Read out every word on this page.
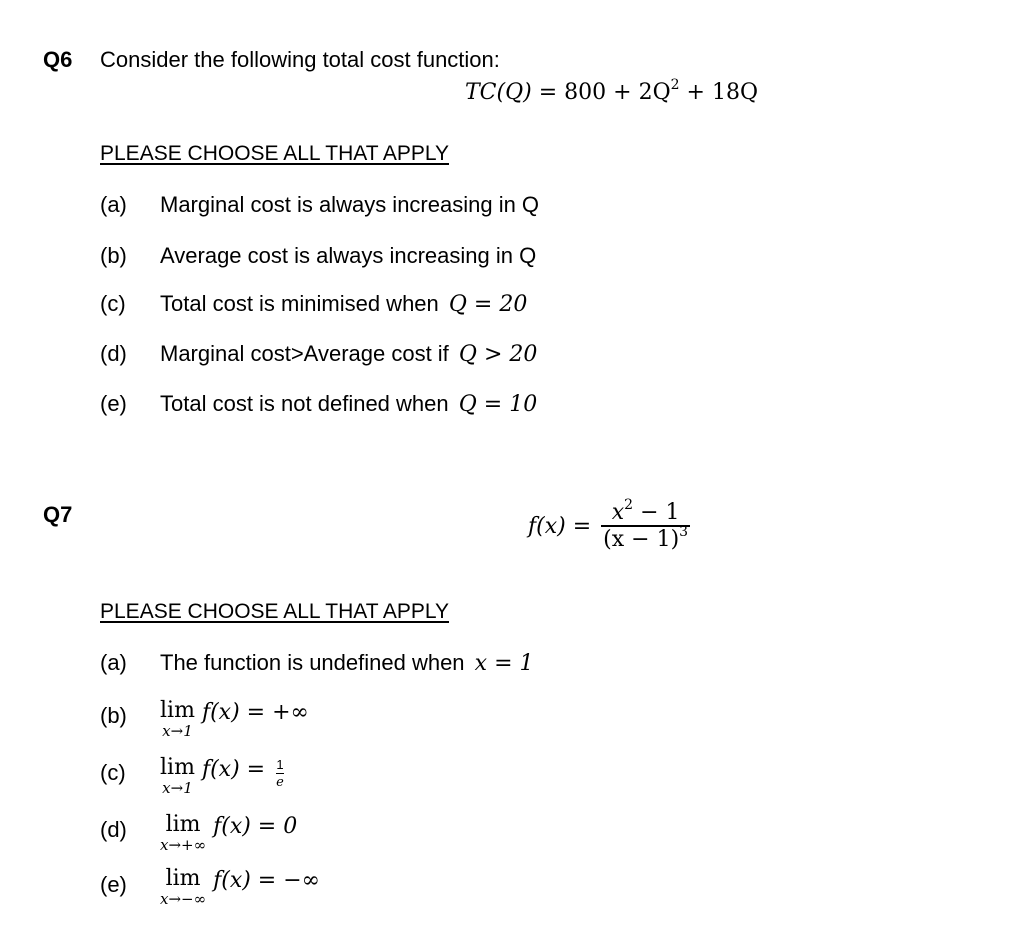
Q6 Consider the following total cost function:
$TC(Q) = 800 + 2Q^2 + 18Q$
PLEASE CHOOSE ALL THAT APPLY
(a) Marginal cost is always increasing in Q
(b) Average cost is always increasing in Q
(c) Total cost is minimised when Q = 20
(d) Marginal cost>Average cost if Q > 20
(e) Total cost is not defined when Q = 10
Q7	$f(x) = \frac{x^2 - 1}{(x - 1)^3}$
PLEASE CHOOSE ALL THAT APPLY
(a) The function is undefined when x = 1
(b) lim
x→1
f(x) = +∞
(c) lim
x→1
$f(x) = \frac{1}{e}$
(d) lim
x→+∞
f(x) = 0
(e) lim
x→−∞
f(x) = −∞
